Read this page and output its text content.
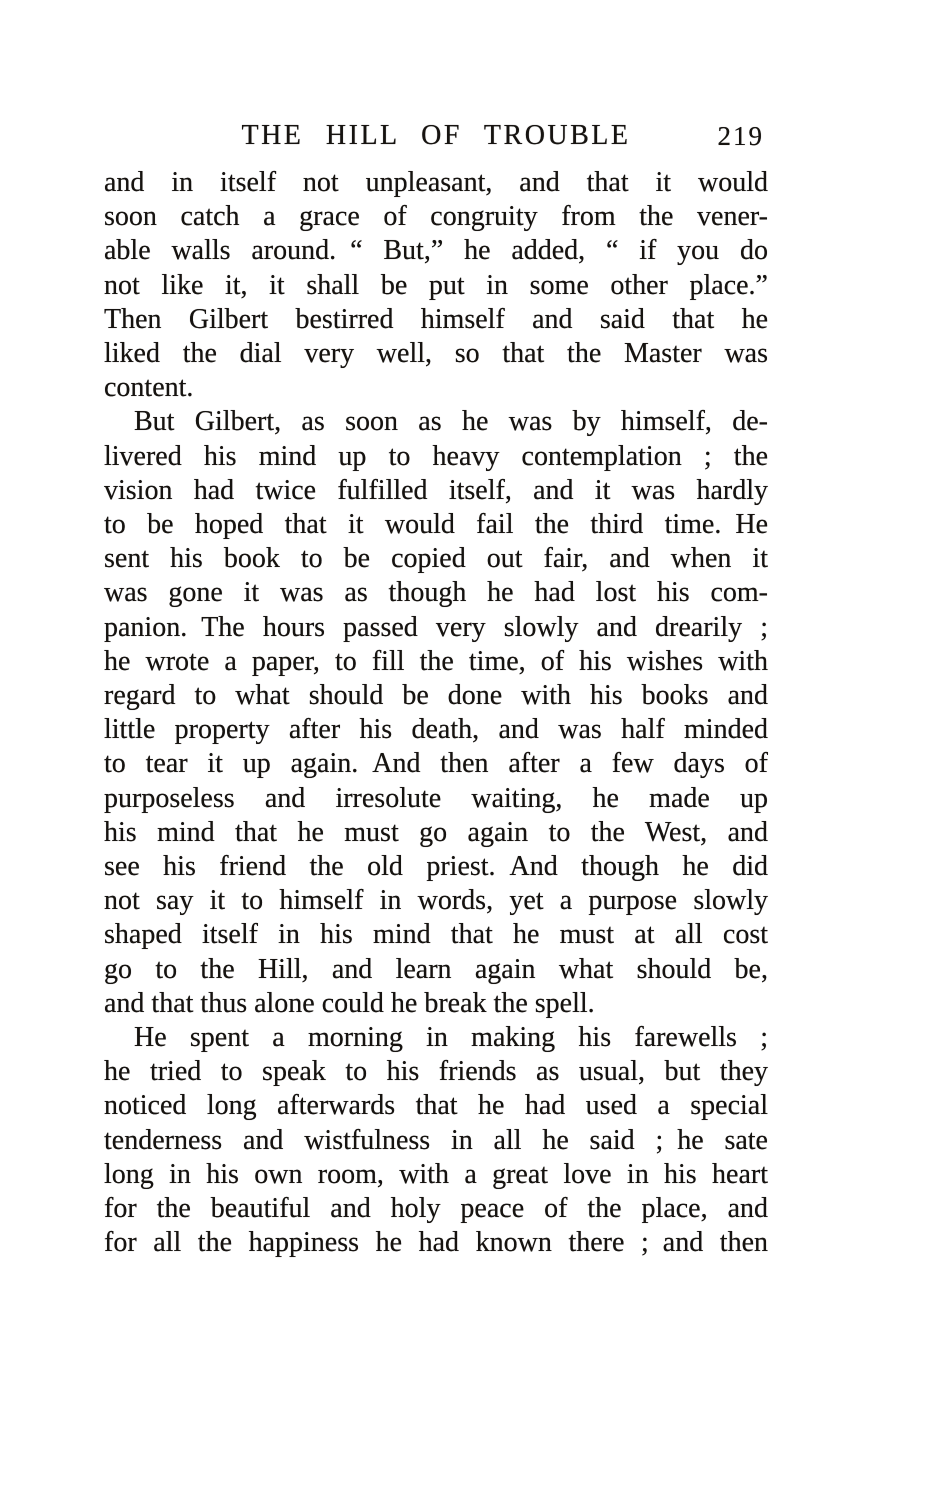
THE HILL OF TROUBLE	219
and in itself not unpleasant, and that it would
soon catch a grace of congruity from the vener-
able walls around. “ But,” he added, “ if you do
not like it, it shall be put in some other place.”
Then Gilbert bestirred himself and said that he
liked the dial very well, so that the Master was
content.
But Gilbert, as soon as he was by himself, de-
livered his mind up to heavy contemplation ; the
vision had twice fulfilled itself, and it was hardly
to be hoped that it would fail the third time. He
sent his book to be copied out fair, and when it
was gone it was as though he had lost his com-
panion. The hours passed very slowly and drearily ;
he wrote a paper, to fill the time, of his wishes with
regard to what should be done with his books and
little property after his death, and was half minded
to tear it up again. And then after a few days of
purposeless and irresolute waiting, he made up
his mind that he must go again to the West, and
see his friend the old priest. And though he did
not say it to himself in words, yet a purpose slowly
shaped itself in his mind that he must at all cost
go to the Hill, and learn again what should be,
and that thus alone could he break the spell.
He spent a morning in making his farewells ;
he tried to speak to his friends as usual, but they
noticed long afterwards that he had used a special
tenderness and wistfulness in all he said ; he sate
long in his own room, with a great love in his heart
for the beautiful and holy peace of the place, and
for all the happiness he had known there ; and then
